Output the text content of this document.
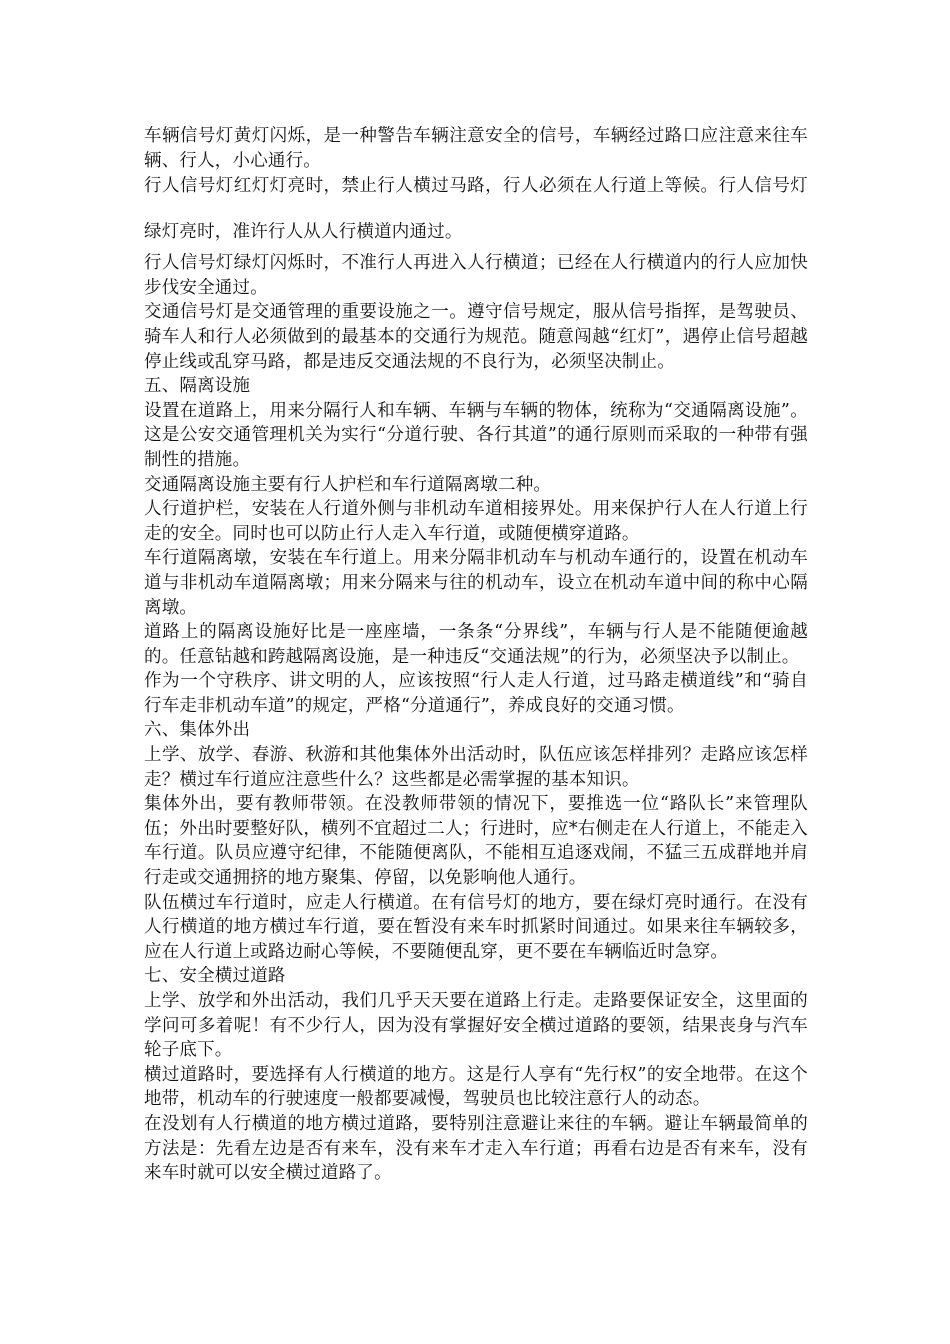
车辆信号灯黄灯闪烁，是一种警告车辆注意安全的信号，车辆经过路口应注意来往车辆、行人，小心通行。

行人信号灯红灯灯亮时，禁止行人横过马路，行人必须在人行道上等候。行人信号灯绿灯亮时，准许行人从人行横道内通过。

行人信号灯绿灯闪烁时，不准行人再进入人行横道；已经在人行横道内的行人应加快步伐安全通过。

交通信号灯是交通管理的重要设施之一。遵守信号规定，服从信号指挥，是驾驶员、骑车人和行人必须做到的最基本的交通行为规范。随意闯越“红灯”，遇停止信号超越停止线或乱穿马路，都是违反交通法规的不良行为，必须坚决制止。

五、隔离设施

设置在道路上，用来分隔行人和车辆、车辆与车辆的物体，统称为“交通隔离设施”。这是公安交通管理机关为实行“分道行驶、各行其道”的通行原则而采取的一种带有强制性的措施。

交通隔离设施主要有行人护栏和车行道隔离墩二种。

人行道护栏，安装在人行道外侧与非机动车道相接界处。用来保护行人在人行道上行走的安全。同时也可以防止行人走入车行道，或随便横穿道路。

车行道隔离墩，安装在车行道上。用来分隔非机动车与机动车通行的，设置在机动车道与非机动车道隔离墩；用来分隔来与往的机动车，设立在机动车道中间的称中心隔离墩。

道路上的隔离设施好比是一座座墙，一条条“分界线”，车辆与行人是不能随便逾越的。任意钻越和跨越隔离设施，是一种违反“交通法规”的行为，必须坚决予以制止。

作为一个守秩序、讲文明的人，应该按照“行人走人行道，过马路走横道线”和“骑自行车走非机动车道”的规定，严格“分道通行”，养成良好的交通习惯。

六、集体外出

上学、放学、春游、秋游和其他集体外出活动时，队伍应该怎样排列？走路应该怎样走？横过车行道应注意些什么？这些都是必需掌握的基本知识。

集体外出，要有教师带领。在没教师带领的情况下，要推选一位“路队长”来管理队伍；外出时要整好队，横列不宜超过二人；行进时，应*右侧走在人行道上，不能走入车行道。队员应遵守纪律，不能随便离队，不能相互追逐戏闹，不猛三五成群地并肩行走或交通拥挤的地方聚集、停留，以免影响他人通行。

队伍横过车行道时，应走人行横道。在有信号灯的地方，要在绿灯亮时通行。在没有人行横道的地方横过车行道，要在暂没有来车时抓紧时间通过。如果来往车辆较多，应在人行道上或路边耐心等候，不要随便乱穿，更不要在车辆临近时急穿。

七、安全横过道路

上学、放学和外出活动，我们几乎天天要在道路上行走。走路要保证安全，这里面的学问可多着呢！有不少行人，因为没有掌握好安全横过道路的要领，结果丧身与汽车轮子底下。

横过道路时，要选择有人行横道的地方。这是行人享有“先行权”的安全地带。在这个地带，机动车的行驶速度一般都要减慢，驾驶员也比较注意行人的动态。

在没划有人行横道的地方横过道路，要特别注意避让来往的车辆。避让车辆最简单的方法是：先看左边是否有来车，没有来车才走入车行道；再看右边是否有来车，没有来车时就可以安全横过道路了。
